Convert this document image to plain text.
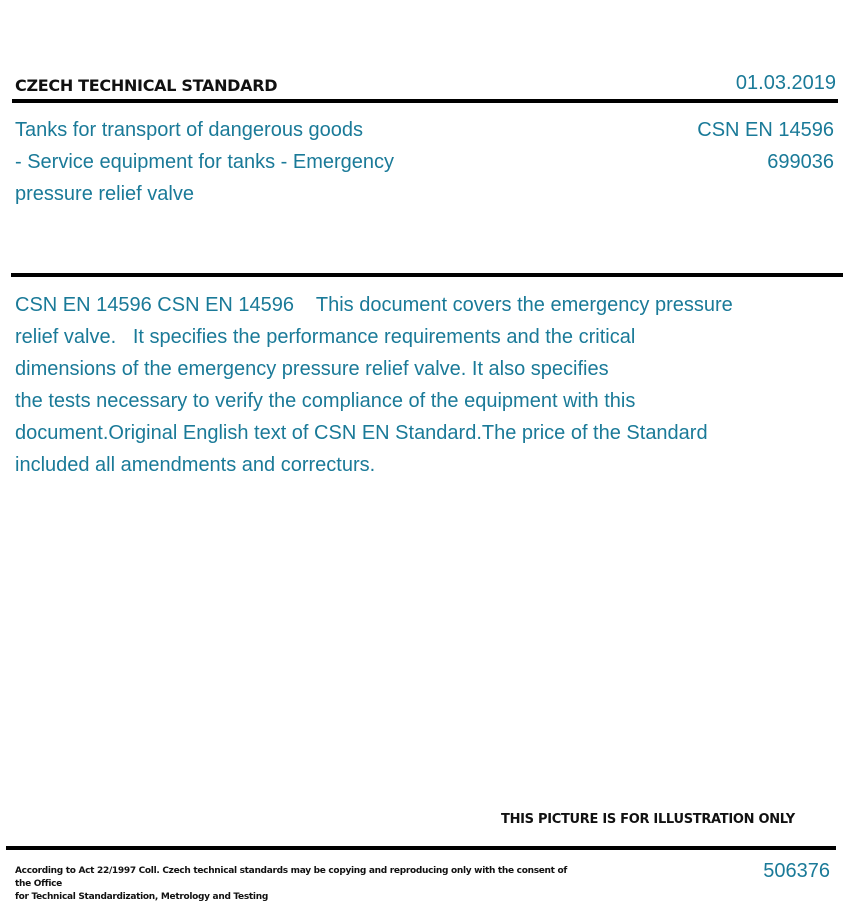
CZECH TECHNICAL STANDARD	01.03.2019
Tanks for transport of dangerous goods
- Service equipment for tanks - Emergency
pressure relief valve
CSN EN 14596
699036
CSN EN 14596 CSN EN 14596    This document covers the emergency pressure
relief valve.   It specifies the performance requirements and the critical
dimensions of the emergency pressure relief valve. It also specifies
the tests necessary to verify the compliance of the equipment with this
document.Original English text of CSN EN Standard.The price of the Standard
included all amendments and correcturs.
THIS PICTURE IS FOR ILLUSTRATION ONLY
According to Act 22/1997 Coll. Czech technical standards may be copying and reproducing only with the consent of the Office
for Technical Standardization, Metrology and Testing
506376
